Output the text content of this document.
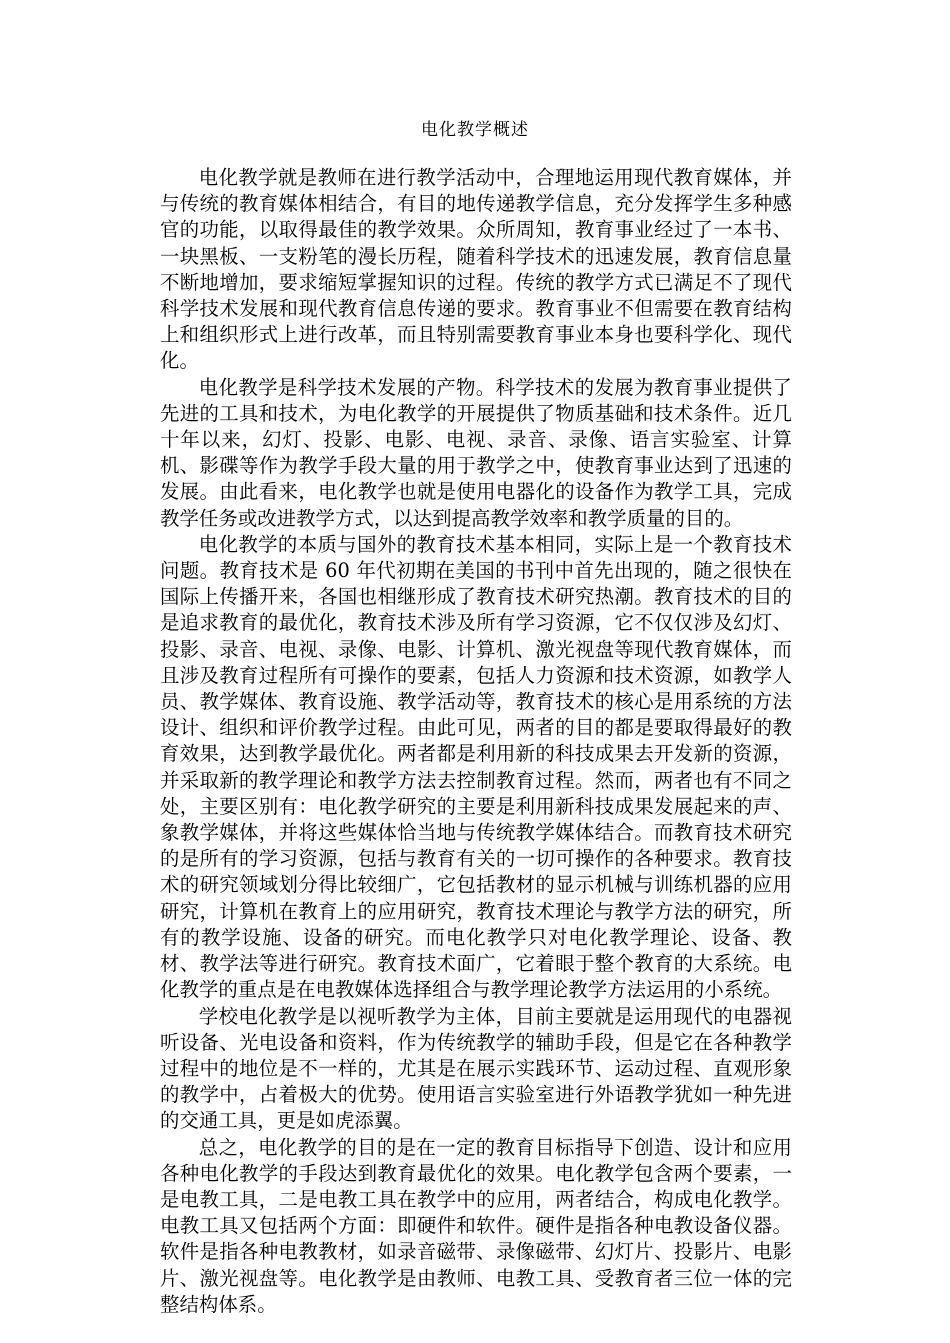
电化教学概述

电化教学就是教师在进行教学活动中，合理地运用现代教育媒体，并与传统的教育媒体相结合，有目的地传递教学信息，充分发挥学生多种感官的功能，以取得最佳的教学效果。众所周知，教育事业经过了一本书、一块黑板、一支粉笔的漫长历程，随着科学技术的迅速发展，教育信息量不断地增加，要求缩短掌握知识的过程。传统的教学方式已满足不了现代科学技术发展和现代教育信息传递的要求。教育事业不但需要在教育结构上和组织形式上进行改革，而且特别需要教育事业本身也要科学化、现代化。

电化教学是科学技术发展的产物。科学技术的发展为教育事业提供了先进的工具和技术，为电化教学的开展提供了物质基础和技术条件。近几十年以来，幻灯、投影、电影、电视、录音、录像、语言实验室、计算机、影碟等作为教学手段大量的用于教学之中，使教育事业达到了迅速的发展。由此看来，电化教学也就是使用电器化的设备作为教学工具，完成教学任务或改进教学方式，以达到提高教学效率和教学质量的目的。

电化教学的本质与国外的教育技术基本相同，实际上是一个教育技术问题。教育技术是 60 年代初期在美国的书刊中首先出现的，随之很快在国际上传播开来，各国也相继形成了教育技术研究热潮。教育技术的目的是追求教育的最优化，教育技术涉及所有学习资源，它不仅仅涉及幻灯、投影、录音、电视、录像、电影、计算机、激光视盘等现代教育媒体，而且涉及教育过程所有可操作的要素，包括人力资源和技术资源，如教学人员、教学媒体、教育设施、教学活动等，教育技术的核心是用系统的方法设计、组织和评价教学过程。由此可见，两者的目的都是要取得最好的教育效果，达到教学最优化。两者都是利用新的科技成果去开发新的资源，并采取新的教学理论和教学方法去控制教育过程。然而，两者也有不同之处，主要区别有：电化教学研究的主要是利用新科技成果发展起来的声、象教学媒体，并将这些媒体恰当地与传统教学媒体结合。而教育技术研究的是所有的学习资源，包括与教育有关的一切可操作的各种要求。教育技术的研究领域划分得比较细广，它包括教材的显示机械与训练机器的应用研究，计算机在教育上的应用研究，教育技术理论与教学方法的研究，所有的教学设施、设备的研究。而电化教学只对电化教学理论、设备、教材、教学法等进行研究。教育技术面广，它着眼于整个教育的大系统。电化教学的重点是在电教媒体选择组合与教学理论教学方法运用的小系统。

学校电化教学是以视听教学为主体，目前主要就是运用现代的电器视听设备、光电设备和资料，作为传统教学的辅助手段，但是它在各种教学过程中的地位是不一样的，尤其是在展示实践环节、运动过程、直观形象的教学中，占着极大的优势。使用语言实验室进行外语教学犹如一种先进的交通工具，更是如虎添翼。

总之，电化教学的目的是在一定的教育目标指导下创造、设计和应用各种电化教学的手段达到教育最优化的效果。电化教学包含两个要素，一是电教工具，二是电教工具在教学中的应用，两者结合，构成电化教学。电教工具又包括两个方面：即硬件和软件。硬件是指各种电教设备仪器。软件是指各种电教教材，如录音磁带、录像磁带、幻灯片、投影片、电影片、激光视盘等。电化教学是由教师、电教工具、受教育者三位一体的完整结构体系。
